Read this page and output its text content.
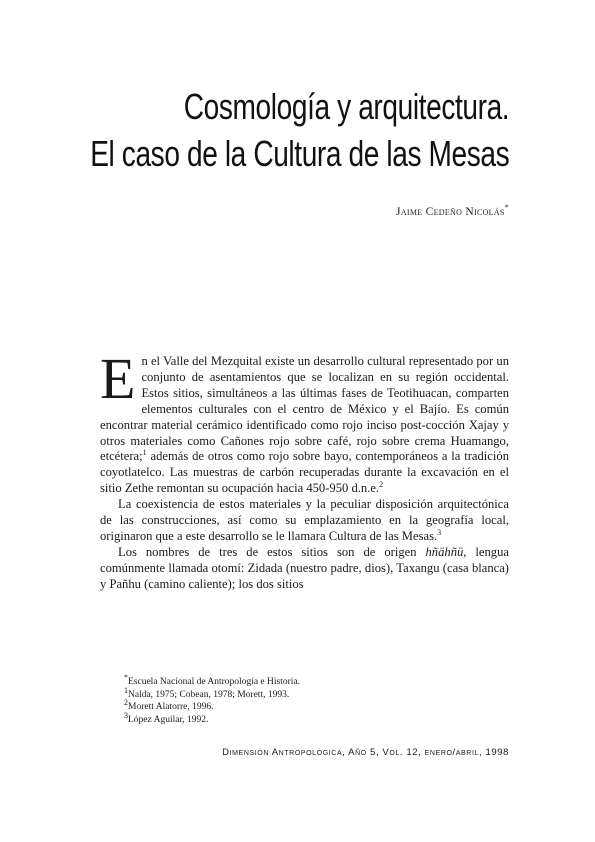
Cosmología y arquitectura.
El caso de la Cultura de las Mesas
Jaime Cedeño Nicolás*

En el Valle del Mezquital existe un desarrollo cultural representado por un conjunto de asentamientos que se localizan en su región occidental. Estos sitios, simultáneos a las últimas fases de Teotihuacan, comparten elementos culturales con el centro de México y el Bajío. Es común encontrar material cerámico identificado como rojo inciso post-cocción Xajay y otros materiales como Cañones rojo sobre café, rojo sobre crema Huamango, etcétera;$^1$ además de otros como rojo sobre bayo, contemporáneos a la tradición coyotlatelco. Las muestras de carbón recuperadas durante la excavación en el sitio Zethe remontan su ocupación hacia 450-950 d.n.e.$^2$

La coexistencia de estos materiales y la peculiar disposición arquitectónica de las construcciones, así como su emplazamiento en la geografía local, originaron que a este desarrollo se le llamara Cultura de las Mesas.$^3$

Los nombres de tres de estos sitios son de origen hñähñü, lengua comúnmente llamada otomí: Zidada (nuestro padre, dios), Taxangu (casa blanca) y Pañhu (camino caliente); los dos sitios

*Escuela Nacional de Antropología e Historia.
$^1$Nalda, 1975; Cobean, 1978; Morett, 1993.
$^2$Morett Alatorre, 1996.
$^3$López Aguilar, 1992.
Dimensión Antropológica, Año 5, Vol. 12, enero/abril, 1998
